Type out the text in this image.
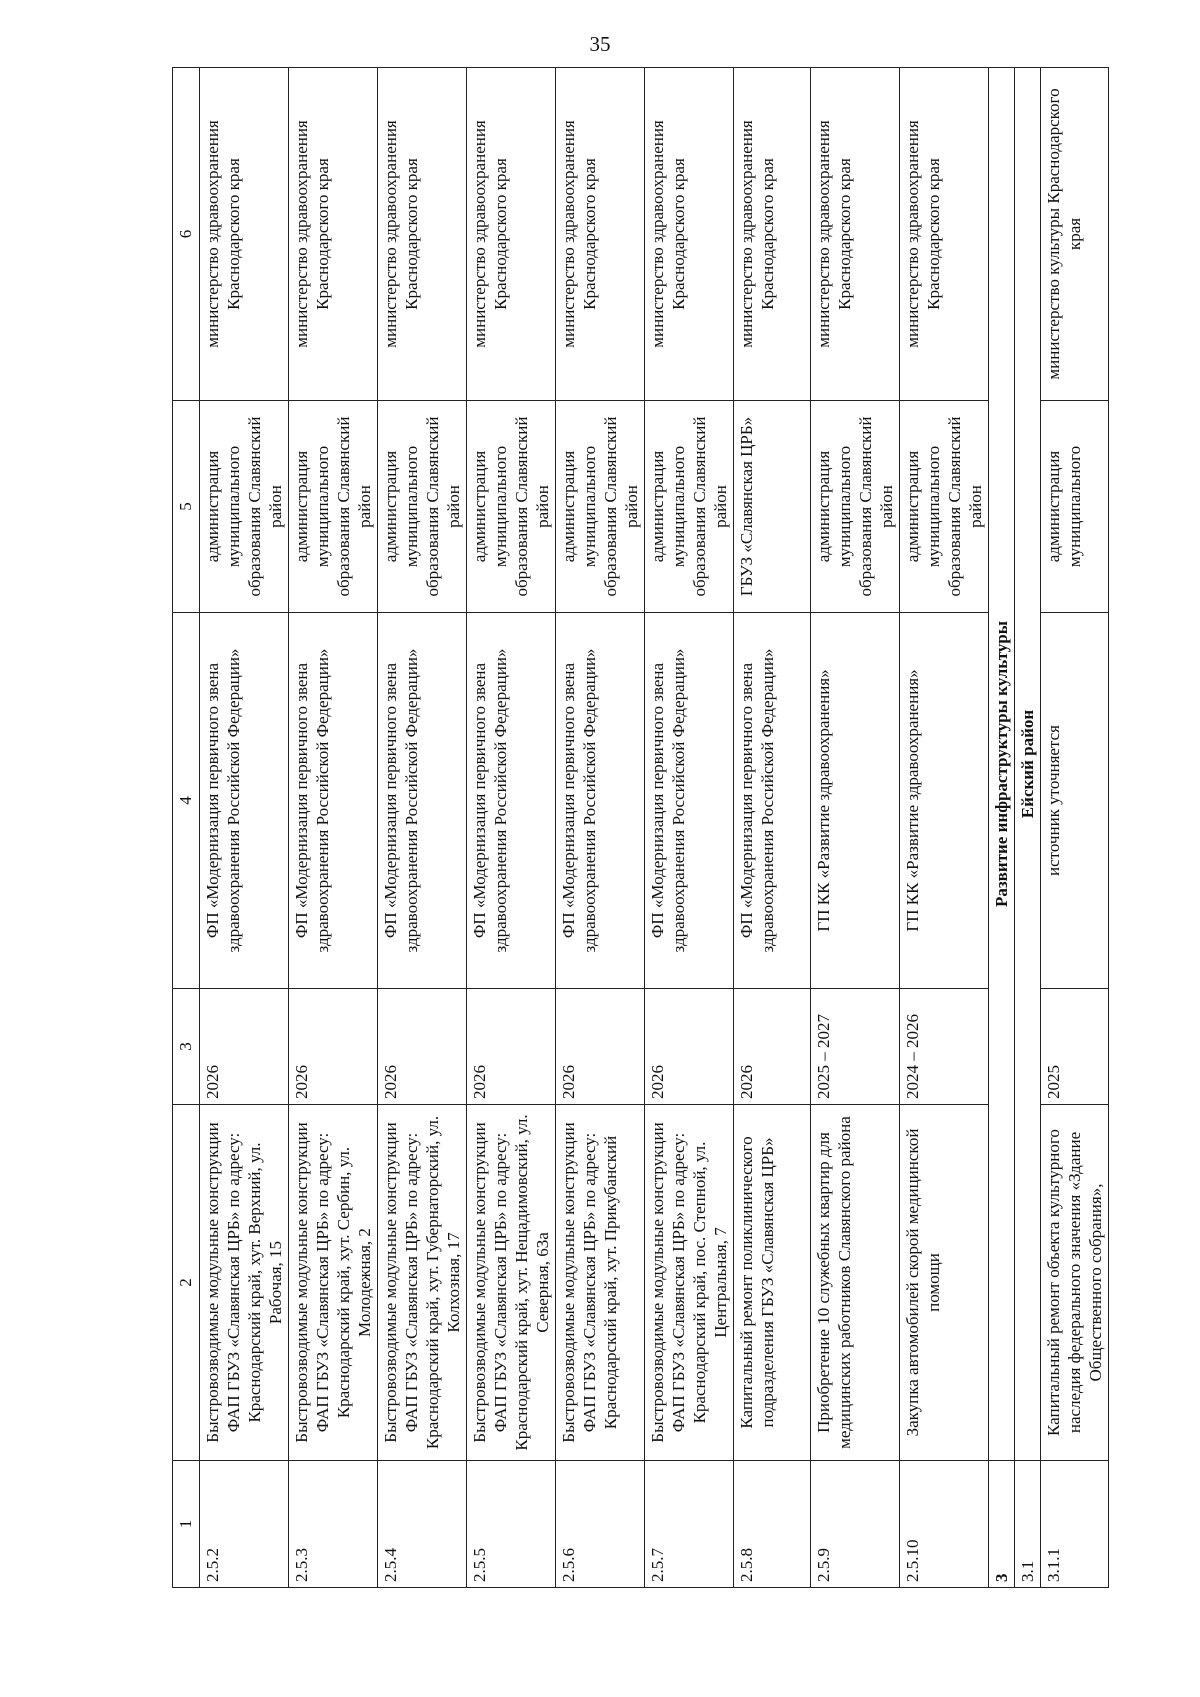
35
1	2	3	4	5	6
2.5.2	Быстровозводимые модульные конструкции ФАП ГБУЗ «Славянская ЦРБ» по адресу: Краснодарский край, хут. Верхний, ул. Рабочая, 15	2026	ФП «Модернизация первичного звена здравоохранения Российской Федерации»	администрация муниципального образования Славянский район	министерство здравоохранения Краснодарского края
2.5.3	Быстровозводимые модульные конструкции ФАП ГБУЗ «Славянская ЦРБ» по адресу: Краснодарский край, хут. Сербин, ул. Молодежная, 2	2026	ФП «Модернизация первичного звена здравоохранения Российской Федерации»	администрация муниципального образования Славянский район	министерство здравоохранения Краснодарского края
2.5.4	Быстровозводимые модульные конструкции ФАП ГБУЗ «Славянская ЦРБ» по адресу: Краснодарский край, хут. Губернаторский, ул. Колхозная, 17	2026	ФП «Модернизация первичного звена здравоохранения Российской Федерации»	администрация муниципального образования Славянский район	министерство здравоохранения Краснодарского края
2.5.5	Быстровозводимые модульные конструкции ФАП ГБУЗ «Славянская ЦРБ» по адресу: Краснодарский край, хут. Нещадимовский, ул. Северная, 63а	2026	ФП «Модернизация первичного звена здравоохранения Российской Федерации»	администрация муниципального образования Славянский район	министерство здравоохранения Краснодарского края
2.5.6	Быстровозводимые модульные конструкции ФАП ГБУЗ «Славянская ЦРБ» по адресу: Краснодарский край, хут. Прикубанский	2026	ФП «Модернизация первичного звена здравоохранения Российской Федерации»	администрация муниципального образования Славянский район	министерство здравоохранения Краснодарского края
2.5.7	Быстровозводимые модульные конструкции ФАП ГБУЗ «Славянская ЦРБ» по адресу: Краснодарский край, пос. Степной, ул. Центральная, 7	2026	ФП «Модернизация первичного звена здравоохранения Российской Федерации»	администрация муниципального образования Славянский район	министерство здравоохранения Краснодарского края
2.5.8	Капитальный ремонт поликлинического подразделения ГБУЗ «Славянская ЦРБ»	2026	ФП «Модернизация первичного звена здравоохранения Российской Федерации»	ГБУЗ «Славянская ЦРБ»	министерство здравоохранения Краснодарского края
2.5.9	Приобретение 10 служебных квартир для медицинских работников Славянского района	2025 – 2027	ГП КК «Развитие здравоохранения»	администрация муниципального образования Славянский район	министерство здравоохранения Краснодарского края
2.5.10	Закупка автомобилей скорой медицинской помощи	2024 – 2026	ГП КК «Развитие здравоохранения»	администрация муниципального образования Славянский район	министерство здравоохранения Краснодарского края
3	Развитие инфраструктуры культуры				
3.1	Ейский район				
3.1.1	Капитальный ремонт объекта культурного наследия федерального значения «Здание Общественного собрания»,	2025	источник уточняется	администрация муниципального	министерство культуры Краснодарского края
